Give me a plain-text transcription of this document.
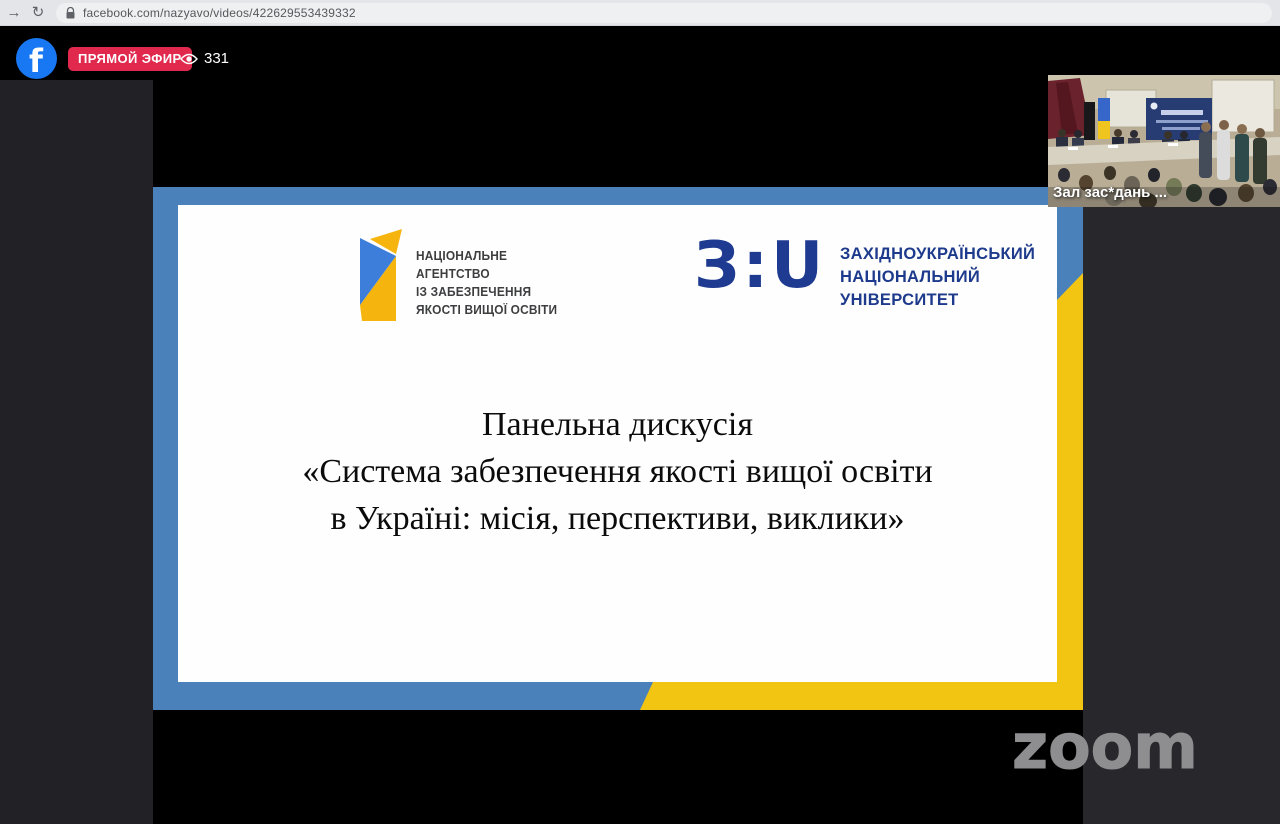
→ ↻	facebook.com/nazyavo/videos/422629553439332
f	ПРЯМОЙ ЭФИР	331
НАЦІОНАЛЬНЕ
АГЕНТСТВО
ІЗ ЗАБЕЗПЕЧЕННЯ
ЯКОСТІ ВИЩОЇ ОСВІТИ
З:U ЗАХІДНОУКРАЇНСЬКИЙ
НАЦІОНАЛЬНИЙ
УНІВЕРСИТЕТ
Панельна дискусія
«Система забезпечення якості вищої освіти
в Україні: місія, перспективи, виклики»
Зал зас*дань ...
zoom
